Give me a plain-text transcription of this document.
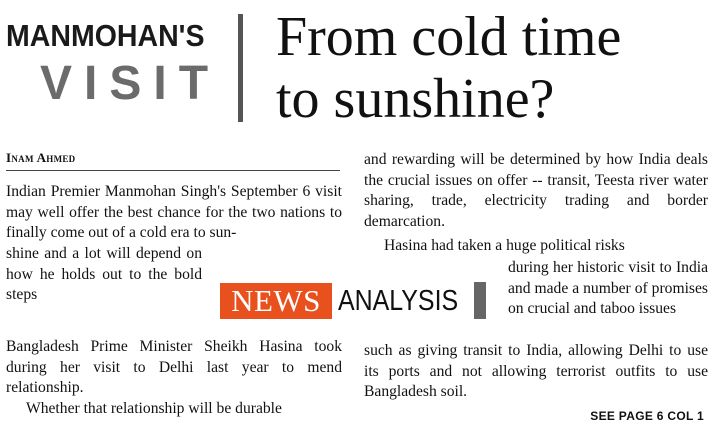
MANMOHAN'S
VISIT
From cold time
to sunshine?
Inam Ahmed

Indian Premier Manmohan Singh's September 6 visit may well offer the best chance for the two nations to finally come out of a cold era to sun-

shine and a lot will depend on how he holds out to the bold steps

Bangladesh Prime Minister Sheikh Hasina took during her visit to Delhi last year to mend relationship.

Whether that relationship will be durable

and rewarding will be determined by how India deals the crucial issues on offer -- transit, Teesta river water sharing, trade, electricity trading and border demarcation.

Hasina had taken a huge political risks

during her historic visit to India and made a number of promises on crucial and taboo issues

such as giving transit to India, allowing Delhi to use its ports and not allowing terrorist outfits to use Bangladesh soil.

NEWS ANALYSIS
SEE PAGE 6 COL 1
